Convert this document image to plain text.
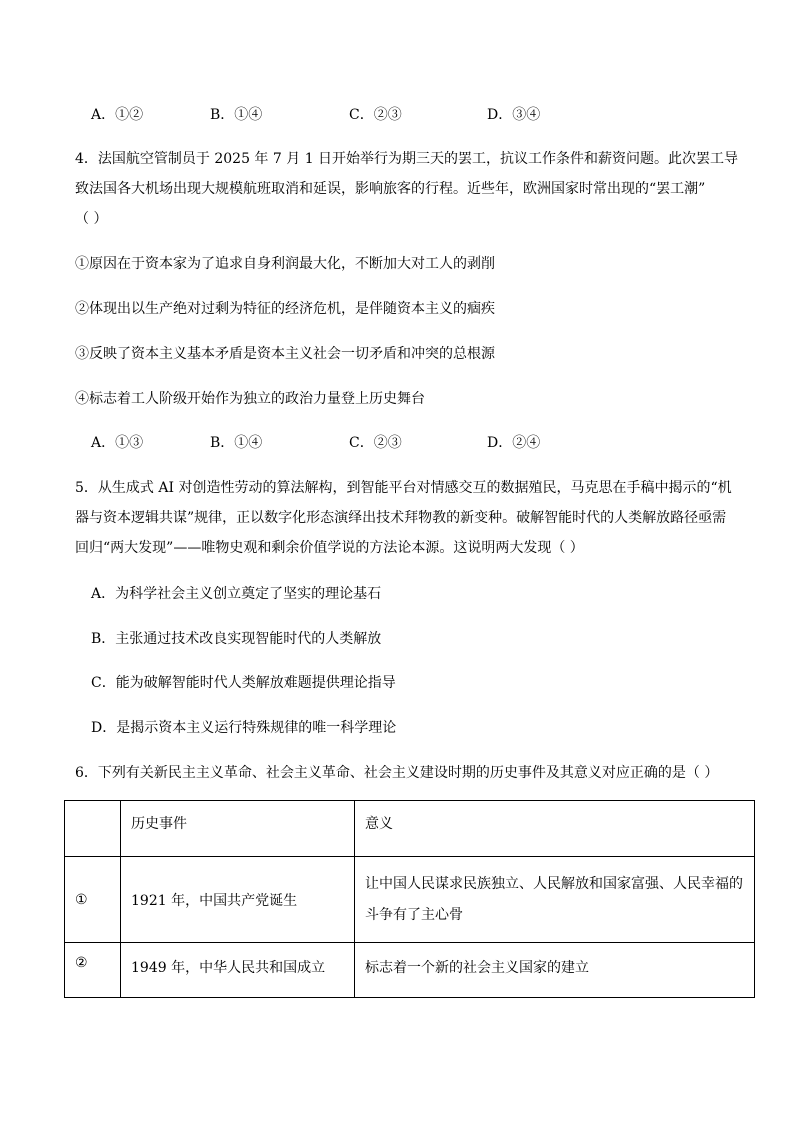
A．①②	B．①④	C．②③	D．③④
4．法国航空管制员于 2025 年 7 月 1 日开始举行为期三天的罢工，抗议工作条件和薪资问题。此次罢工导
致法国各大机场出现大规模航班取消和延误，影响旅客的行程。近些年，欧洲国家时常出现的“罢工潮”
（ ）
①原因在于资本家为了追求自身利润最大化，不断加大对工人的剥削
②体现出以生产绝对过剩为特征的经济危机，是伴随资本主义的痼疾
③反映了资本主义基本矛盾是资本主义社会一切矛盾和冲突的总根源
④标志着工人阶级开始作为独立的政治力量登上历史舞台
A．①③	B．①④	C．②③	D．②④
5．从生成式 AI 对创造性劳动的算法解构，到智能平台对情感交互的数据殖民，马克思在手稿中揭示的“机
器与资本逻辑共谋”规律，正以数字化形态演绎出技术拜物教的新变种。破解智能时代的人类解放路径亟需
回归“两大发现”——唯物史观和剩余价值学说的方法论本源。这说明两大发现（ ）
A．为科学社会主义创立奠定了坚实的理论基石
B．主张通过技术改良实现智能时代的人类解放
C．能为破解智能时代人类解放难题提供理论指导
D．是揭示资本主义运行特殊规律的唯一科学理论
6．下列有关新民主主义革命、社会主义革命、社会主义建设时期的历史事件及其意义对应正确的是（ ）

	历史事件	意义

①	1921 年，中国共产党诞生	让中国人民谋求民族独立、人民解放和国家富强、人民幸福的
斗争有了主心骨

②	1949 年，中华人民共和国成立	标志着一个新的社会主义国家的建立
